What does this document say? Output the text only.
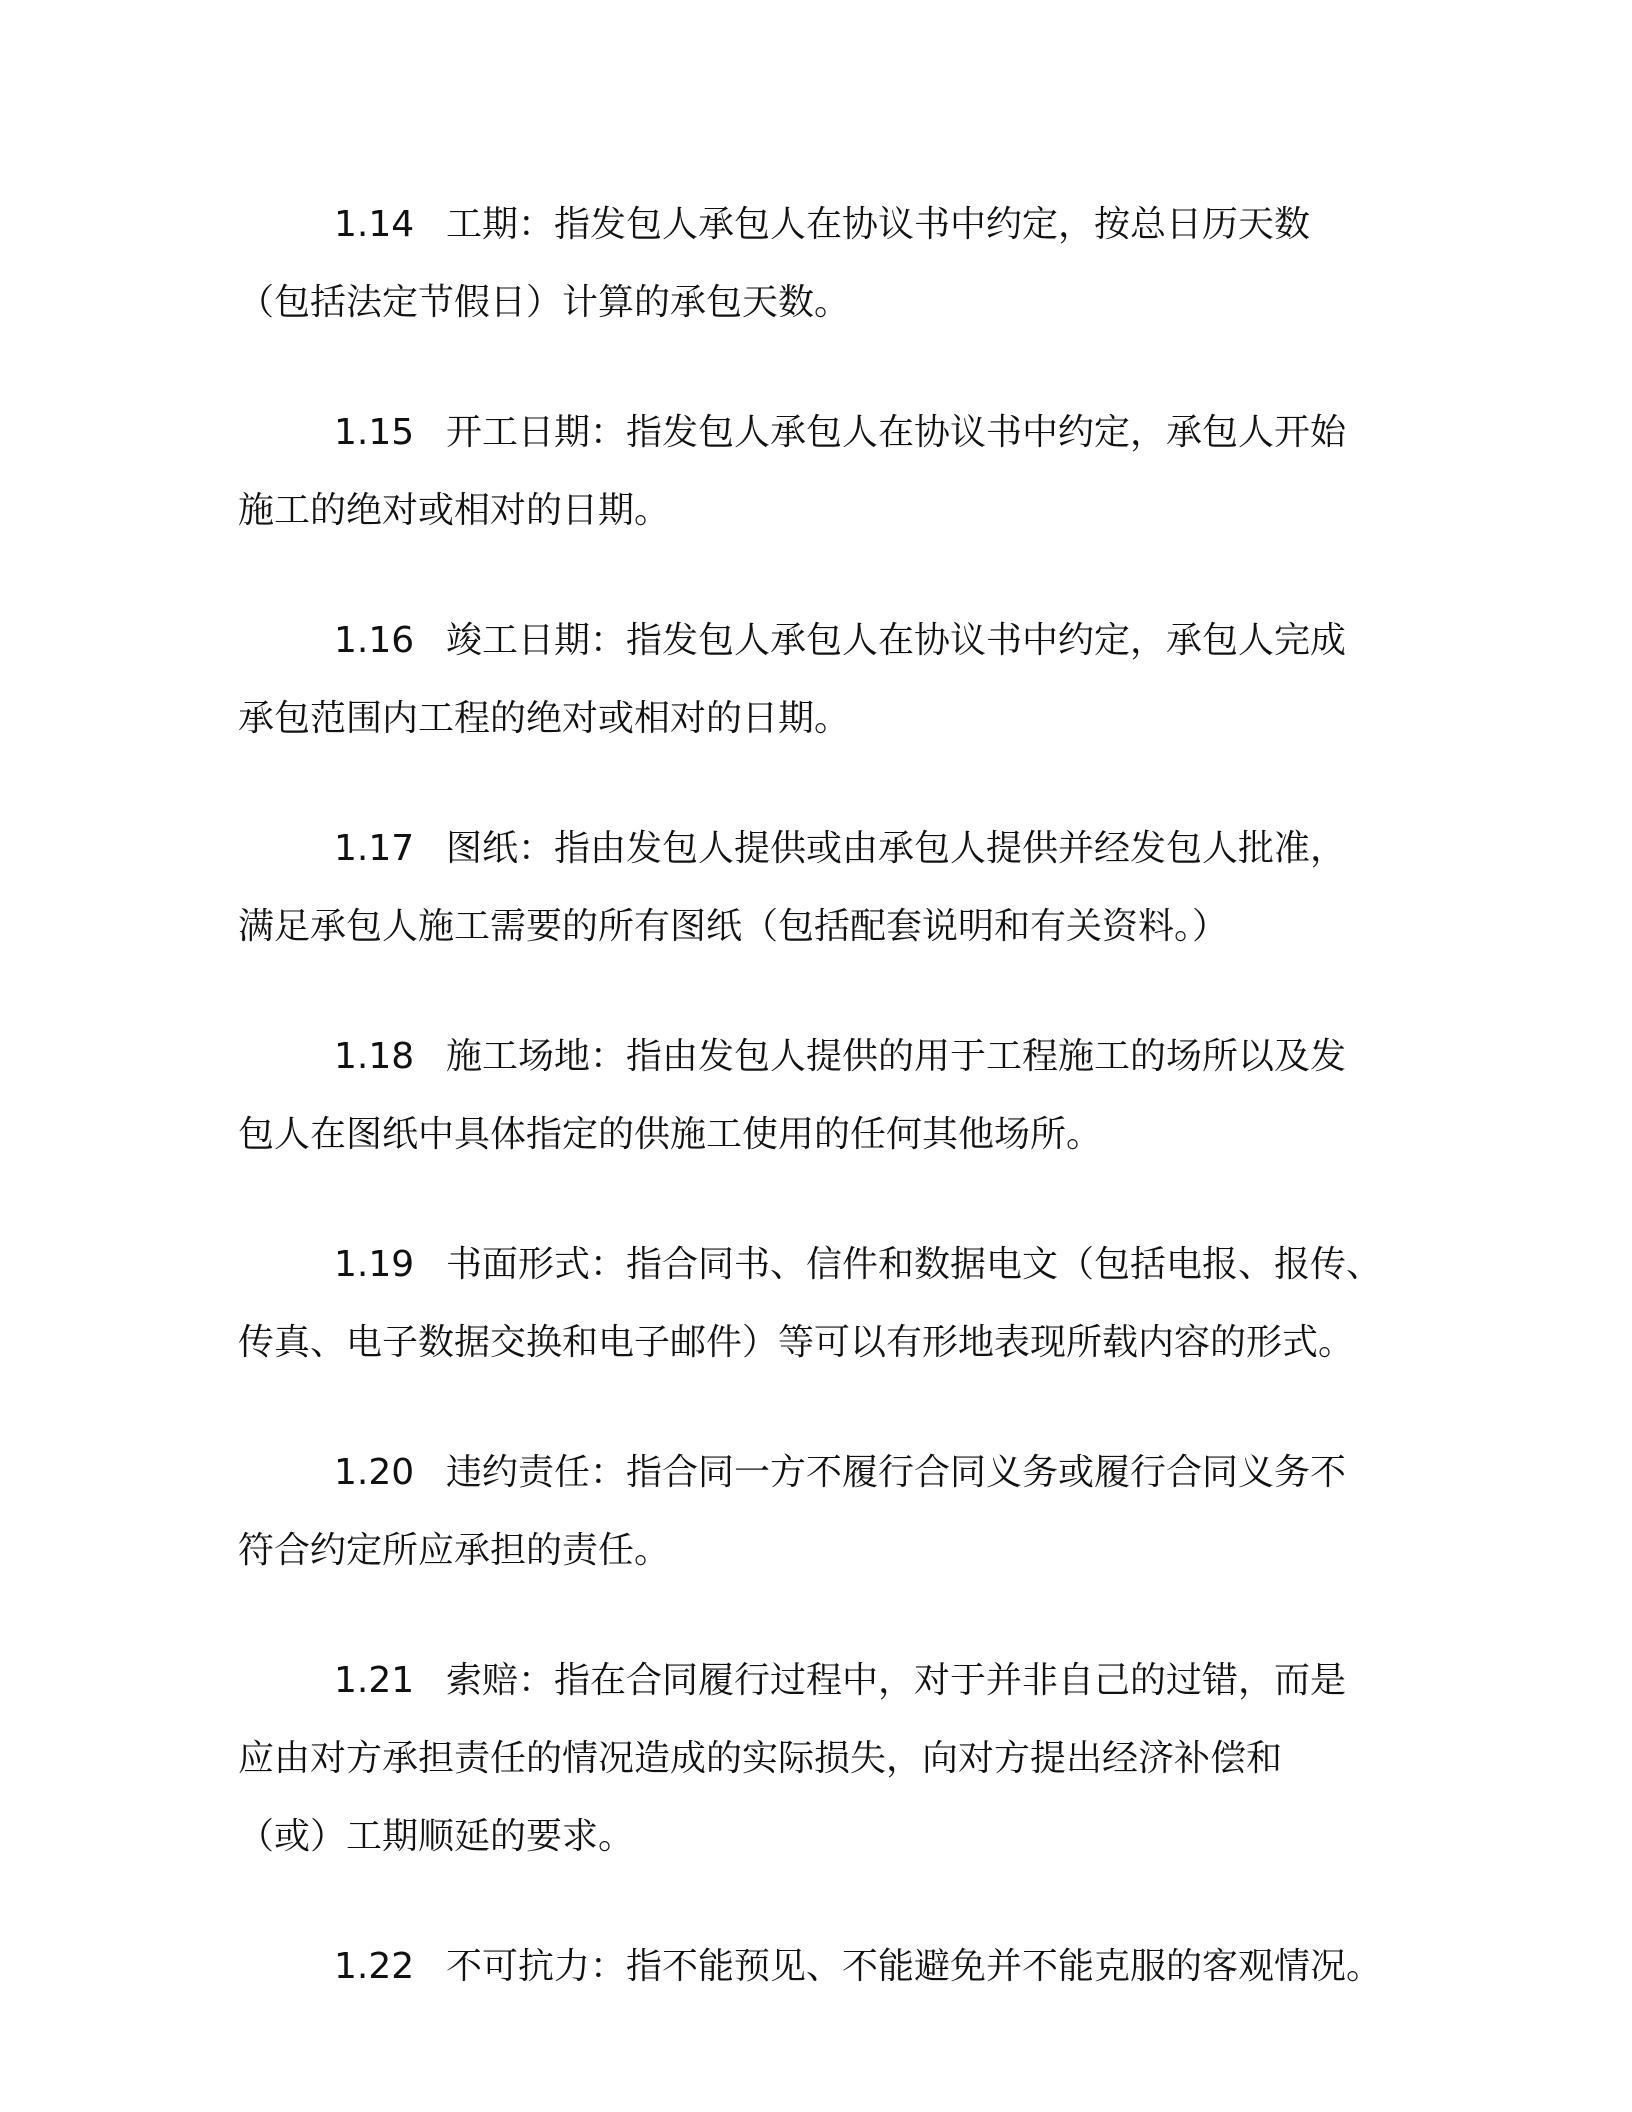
1.14 工期：指发包人承包人在协议书中约定，按总日历天数
（包括法定节假日）计算的承包天数。
1.15 开工日期：指发包人承包人在协议书中约定，承包人开始
施工的绝对或相对的日期。
1.16 竣工日期：指发包人承包人在协议书中约定，承包人完成
承包范围内工程的绝对或相对的日期。
1.17 图纸：指由发包人提供或由承包人提供并经发包人批准，
满足承包人施工需要的所有图纸（包括配套说明和有关资料。）
1.18 施工场地：指由发包人提供的用于工程施工的场所以及发
包人在图纸中具体指定的供施工使用的任何其他场所。
1.19 书面形式：指合同书、信件和数据电文（包括电报、报传、
传真、电子数据交换和电子邮件）等可以有形地表现所载内容的形式。
1.20 违约责任：指合同一方不履行合同义务或履行合同义务不
符合约定所应承担的责任。
1.21 索赔：指在合同履行过程中，对于并非自己的过错，而是
应由对方承担责任的情况造成的实际损失，向对方提出经济补偿和
（或）工期顺延的要求。
1.22 不可抗力：指不能预见、不能避免并不能克服的客观情况。
